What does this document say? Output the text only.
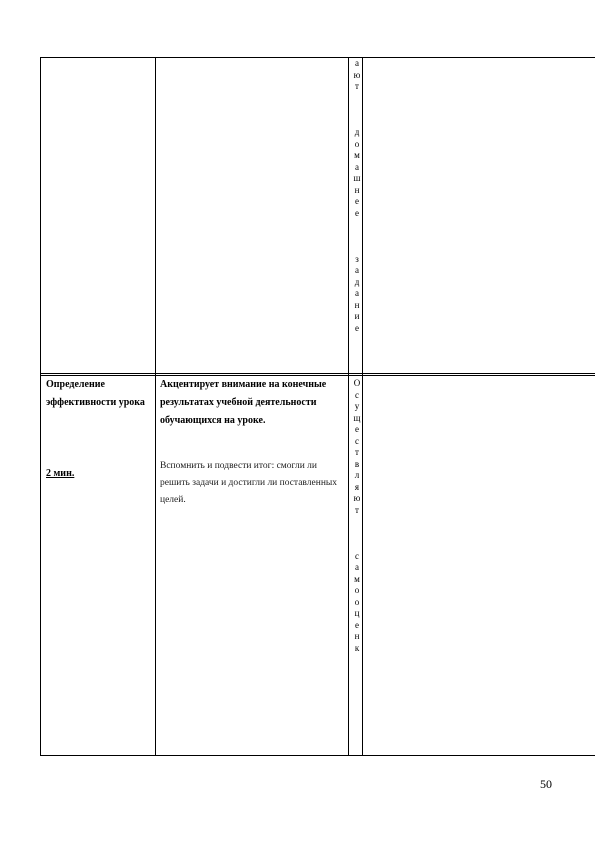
а
ю
т

д
о
м
а
ш
н
е
е

з
а
д
а
н
и
е
Определение эффективности урока
2 мин.
Акцентирует внимание на конечные результатах учебной деятельности обучающихся на уроке.
Вспомнить и подвести итог: смогли ли решить задачи и достигли ли поставленных целей.
О
с
у
щ
е
с
т
в
л
я
ю
т

с
а
м
о
о
ц
е
н
к
50
